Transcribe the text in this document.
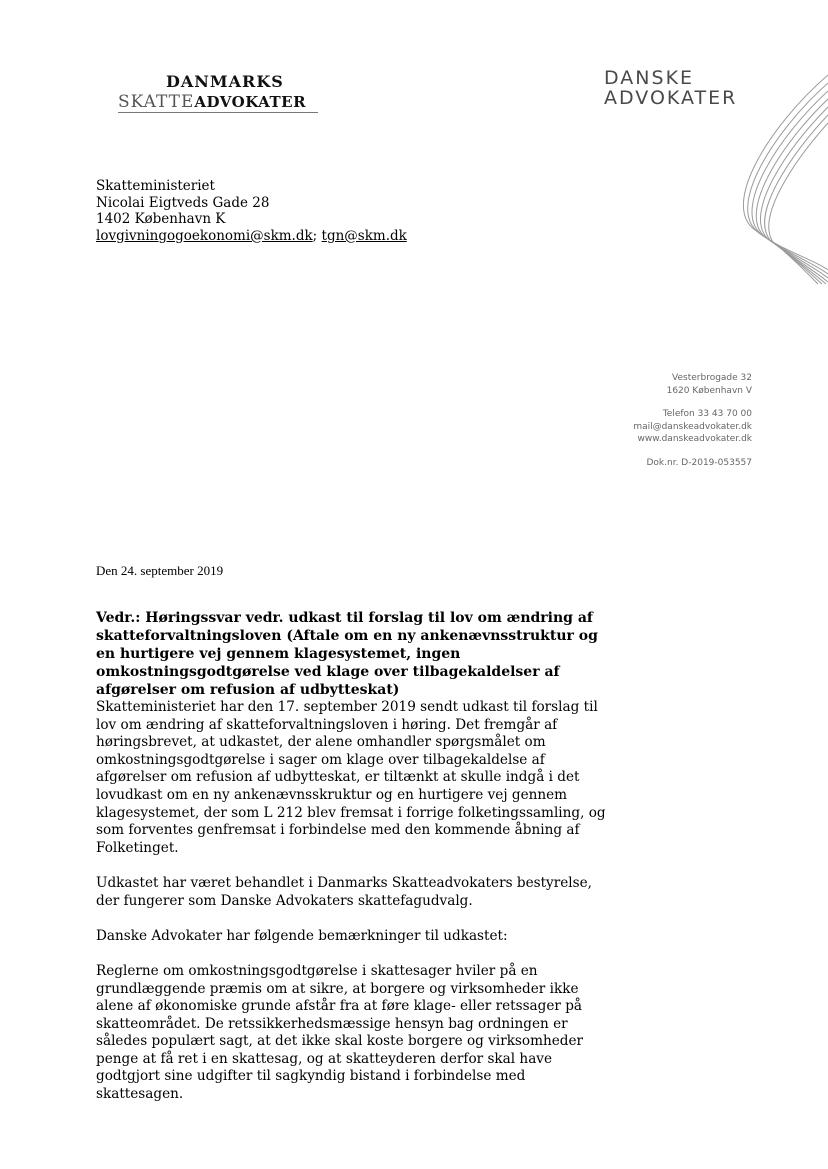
DANMARKS
SKATTEADVOKATER
DANSKE
ADVOKATER
Skatteministeriet
Nicolai Eigtveds Gade 28
1402 København K
lovgivningogoekonomi@skm.dk; tgn@skm.dk
Vesterbrogade 32
1620 København V
Telefon 33 43 70 00
mail@danskeadvokater.dk
www.danskeadvokater.dk
Dok.nr. D-2019-053557
Den 24. september 2019
Vedr.: Høringssvar vedr. udkast til forslag til lov om ændring af skatteforvaltningsloven (Aftale om en ny ankenævnsstruktur og en hurtigere vej gennem klagesystemet, ingen omkostningsgodtgørelse ved klage over tilbagekaldelser af afgørelser om refusion af udbytteskat)

Skatteministeriet har den 17. september 2019 sendt udkast til forslag til lov om ændring af skatteforvaltningsloven i høring. Det fremgår af høringsbrevet, at udkastet, der alene omhandler spørgsmålet om omkostningsgodtgørelse i sager om klage over tilbagekaldelse af afgørelser om refusion af udbytteskat, er tiltænkt at skulle indgå i det lovudkast om en ny ankenævnsskruktur og en hurtigere vej gennem klagesystemet, der som L 212 blev fremsat i forrige folketingssamling, og som forventes genfremsat i forbindelse med den kommende åbning af Folketinget.

Udkastet har været behandlet i Danmarks Skatteadvokaters bestyrelse, der fungerer som Danske Advokaters skattefagudvalg.

Danske Advokater har følgende bemærkninger til udkastet:

Reglerne om omkostningsgodtgørelse i skattesager hviler på en grundlæggende præmis om at sikre, at borgere og virksomheder ikke alene af økonomiske grunde afstår fra at føre klage- eller retssager på skatteområdet. De retssikkerhedsmæssige hensyn bag ordningen er således populært sagt, at det ikke skal koste borgere og virksomheder penge at få ret i en skattesag, og at skatteyderen derfor skal have godtgjort sine udgifter til sagkyndig bistand i forbindelse med skattesagen.
